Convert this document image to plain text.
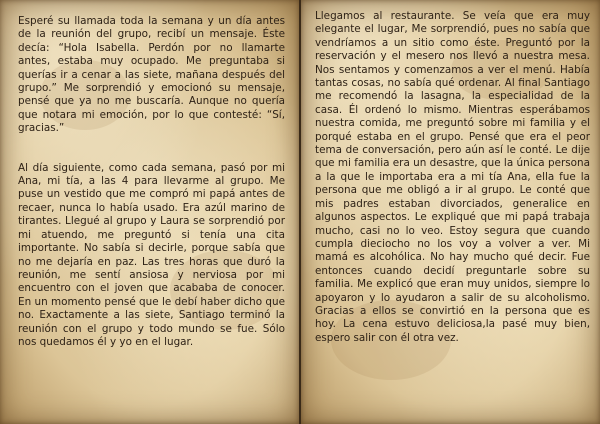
Esperé su llamada toda la semana y un día antes de la reunión del grupo, recibí un mensaje. Éste decía: “Hola Isabella. Perdón por no llamarte antes, estaba muy ocupado. Me preguntaba si querías ir a cenar a las siete, mañana después del grupo.” Me sorprendió y emocionó su mensaje, pensé que ya no me buscaría. Aunque no quería que notara mi emoción, por lo que contesté: “Sí, gracias.”

Al día siguiente, como cada semana, pasó por mi Ana, mi tía, a las 4 para llevarme al grupo. Me puse un vestido que me compró mi papá antes de recaer, nunca lo había usado. Era azúl marino de tirantes. Llegué al grupo y Laura se sorprendió por mi atuendo, me preguntó si tenía una cita importante. No sabía si decirle, porque sabía que no me dejaría en paz. Las tres horas que duró la reunión, me sentí ansiosa y nerviosa por mi encuentro con el joven que acababa de conocer. En un momento pensé que le debí haber dicho que no. Exactamente a las siete, Santiago terminó la reunión con el grupo y todo mundo se fue. Sólo nos quedamos él y yo en el lugar.

Llegamos al restaurante. Se veía que era muy elegante el lugar, Me sorprendió, pues no sabía que vendríamos a un sitio como éste. Preguntó por la reservación y el mesero nos llevó a nuestra mesa. Nos sentamos y comenzamos a ver el menú. Había tantas cosas, no sabía qué ordenar. Al final Santiago me recomendó la lasagna, la especialidad de la casa. Él ordenó lo mismo. Mientras esperábamos nuestra comida, me preguntó sobre mi familia y el porqué estaba en el grupo. Pensé que era el peor tema de conversación, pero aún así le conté. Le dije que mi familia era un desastre, que la única persona a la que le importaba era a mi tía Ana, ella fue la persona que me obligó a ir al grupo. Le conté que mis padres estaban divorciados, generalice en algunos aspectos. Le expliqué que mi papá trabaja mucho, casi no lo veo. Estoy segura que cuando cumpla dieciocho no los voy a volver a ver. Mi mamá es alcohólica. No hay mucho qué decir. Fue entonces cuando decidí preguntarle sobre su familia. Me explicó que eran muy unidos, siempre lo apoyaron y lo ayudaron a salir de su alcoholismo. Gracias a ellos se convirtió en la persona que es hoy. La cena estuvo deliciosa,la pasé muy bien, espero salir con él otra vez.
